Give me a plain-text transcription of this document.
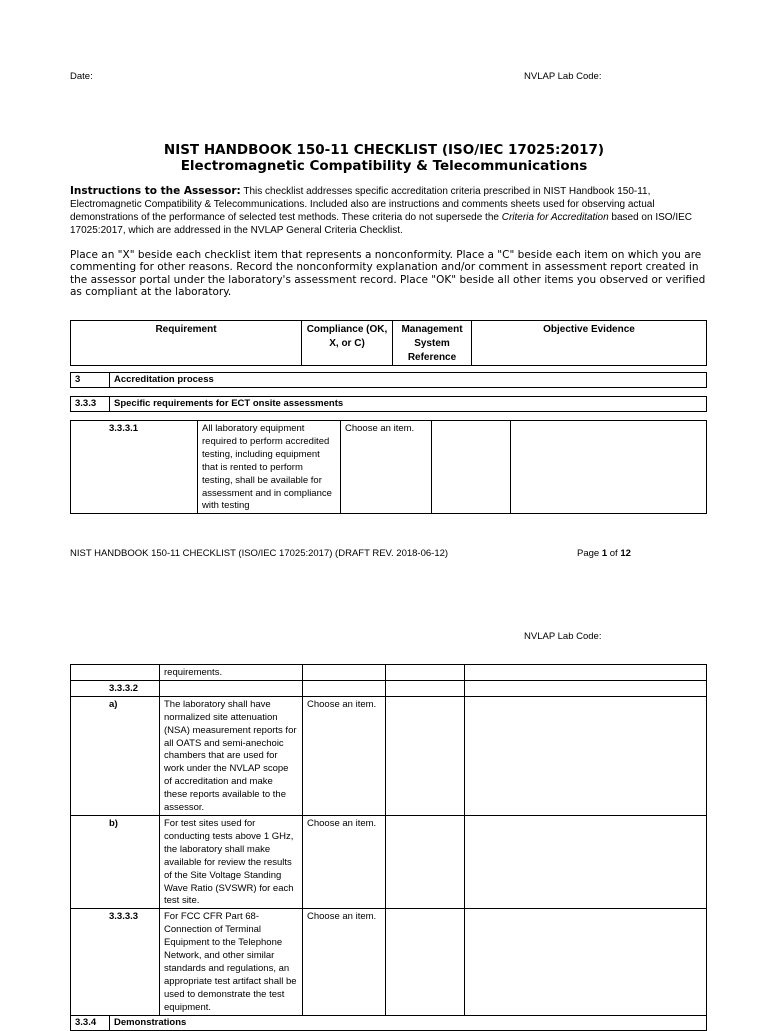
Date:	NVLAP Lab Code:
NIST HANDBOOK 150-11 CHECKLIST (ISO/IEC 17025:2017)
Electromagnetic Compatibility & Telecommunications
Instructions to the Assessor: This checklist addresses specific accreditation criteria prescribed in NIST Handbook 150-11, Electromagnetic Compatibility & Telecommunications. Included also are instructions and comments sheets used for observing actual demonstrations of the performance of selected test methods. These criteria do not supersede the Criteria for Accreditation based on ISO/IEC 17025:2017, which are addressed in the NVLAP General Criteria Checklist.
Place an "X" beside each checklist item that represents a nonconformity. Place a "C" beside each item on which you are commenting for other reasons. Record the nonconformity explanation and/or comment in assessment report created in the assessor portal under the laboratory's assessment record. Place "OK" beside all other items you observed or verified as compliant at the laboratory.
Requirement	Compliance (OK, X, or C)	Management System Reference	Objective Evidence
3	Accreditation process
3.3.3	Specific requirements for ECT onsite assessments
3.3.3.1	All laboratory equipment required to perform accredited testing, including equipment that is rented to perform testing, shall be available for assessment and in compliance with testing	Choose an item.		
NIST HANDBOOK 150-11 CHECKLIST (ISO/IEC 17025:2017) (DRAFT REV. 2018-06-12)	Page 1 of 12
NVLAP Lab Code:
	requirements.			
3.3.3.2				
a)	The laboratory shall have normalized site attenuation (NSA) measurement reports for all OATS and semi-anechoic chambers that are used for work under the NVLAP scope of accreditation and make these reports available to the assessor.	Choose an item.		
b)	For test sites used for conducting tests above 1 GHz, the laboratory shall make available for review the results of the Site Voltage Standing Wave Ratio (SVSWR) for each test site.	Choose an item.		
3.3.3.3	For FCC CFR Part 68-Connection of Terminal Equipment to the Telephone Network, and other similar standards and regulations, an appropriate test artifact shall be used to demonstrate the test equipment.	Choose an item.		
3.3.4	Demonstrations
